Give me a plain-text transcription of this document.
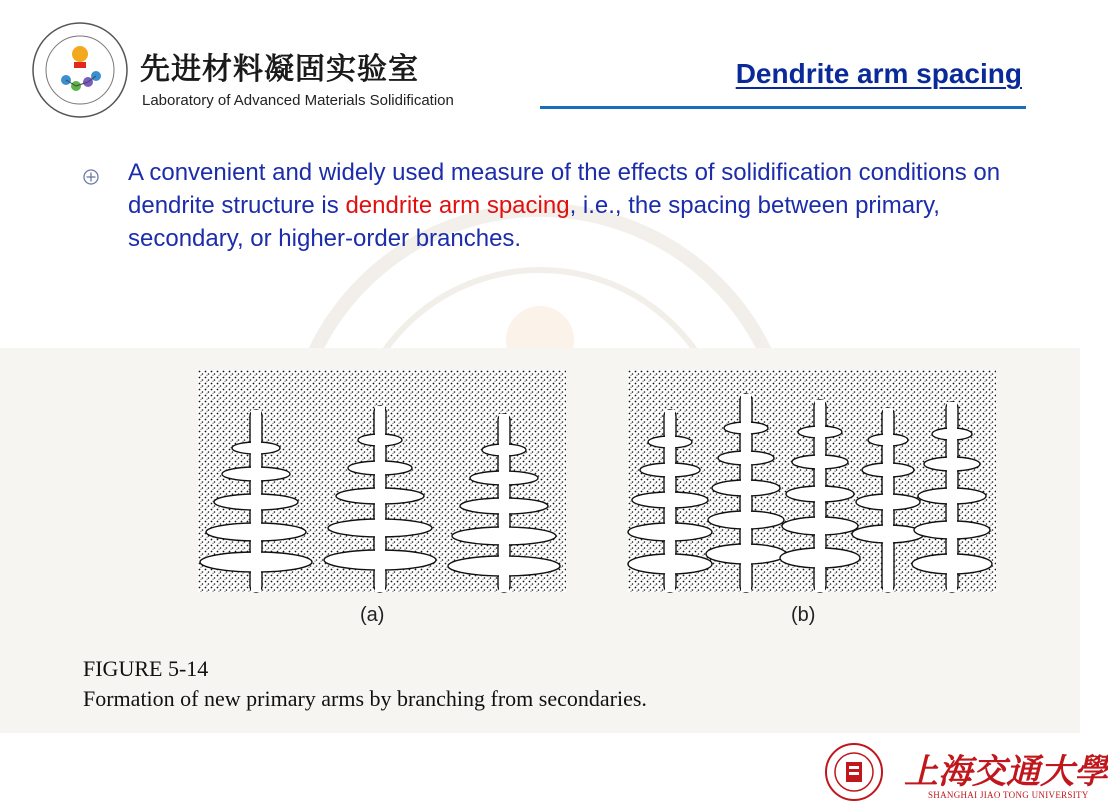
先进材料凝固实验室
Laboratory of Advanced Materials Solidification
Dendrite arm spacing

A convenient and widely used measure of the effects of solidification conditions on dendrite structure is dendrite arm spacing, i.e., the spacing between primary, secondary, or higher-order branches.

(a)	(b)
FIGURE 5-14
Formation of new primary arms by branching from secondaries.
上海交通大學
SHANGHAI JIAO TONG UNIVERSITY
